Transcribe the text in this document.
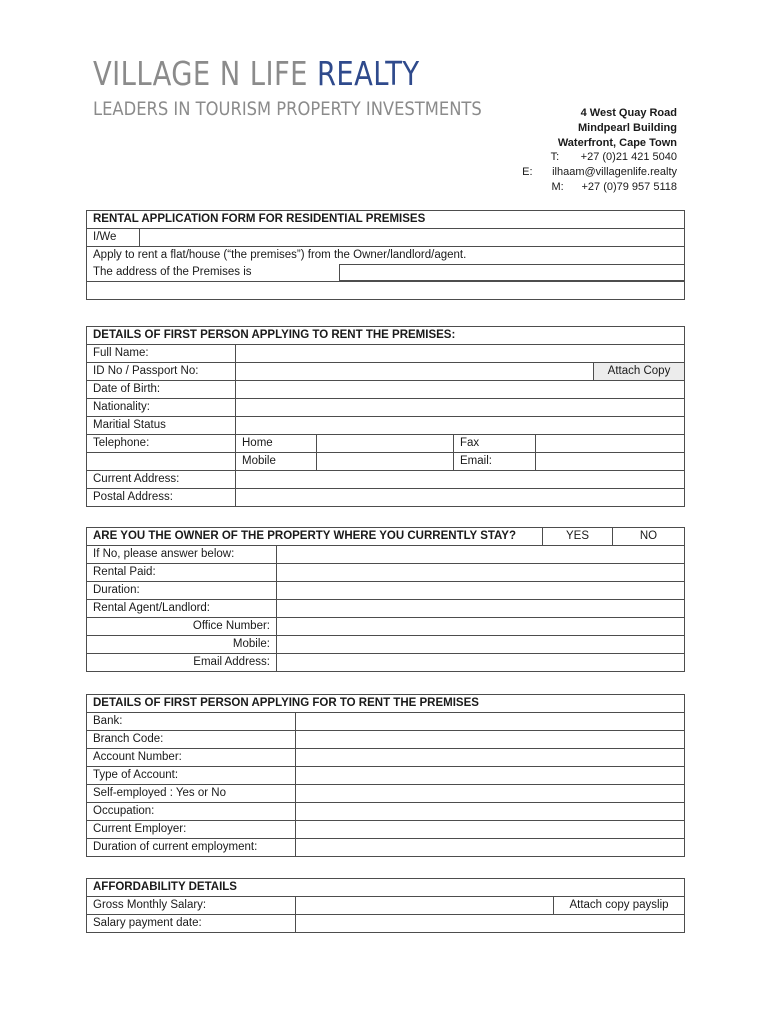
VILLAGE N LIFE REALTY
LEADERS IN TOURISM PROPERTY INVESTMENTS	4 West Quay Road
Mindpearl Building
Waterfront, Cape Town
T: +27 (0)21 421 5040
E: ilhaam@villagenlife.realty
M: +27 (0)79 957 5118
RENTAL APPLICATION FORM FOR RESIDENTIAL PREMISES
I/We
Apply to rent a flat/house (“the premises”) from the Owner/landlord/agent.
The address of the Premises is
DETAILS OF FIRST PERSON APPLYING TO RENT THE PREMISES:
Full Name:
ID No / Passport No:	Attach Copy
Date of Birth:
Nationality:
Maritial Status
Telephone:	Home	Fax
Mobile	Email:
Current Address:
Postal Address:
ARE YOU THE OWNER OF THE PROPERTY WHERE YOU CURRENTLY STAY?	YES	NO
If No, please answer below:
Rental Paid:
Duration:
Rental Agent/Landlord:
Office Number:
Mobile:
Email Address:
DETAILS OF FIRST PERSON APPLYING FOR TO RENT THE PREMISES
Bank:
Branch Code:
Account Number:
Type of Account:
Self-employed : Yes or No
Occupation:
Current Employer:
Duration of current employment:
AFFORDABILITY DETAILS
Gross Monthly Salary:	Attach copy payslip
Salary payment date:
